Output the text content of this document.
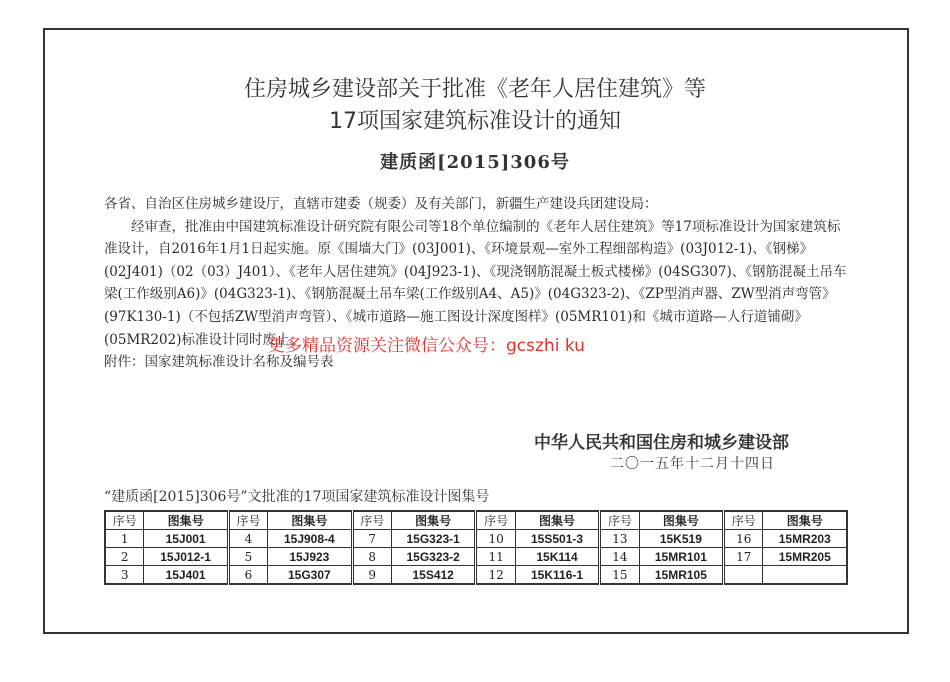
住房城乡建设部关于批准《老年人居住建筑》等
17项国家建筑标准设计的通知
建质函[2015]306号

各省、自治区住房城乡建设厅，直辖市建委（规委）及有关部门，新疆生产建设兵团建设局：

经审查，批准由中国建筑标准设计研究院有限公司等18个单位编制的《老年人居住建筑》等17项标准设计为国家建筑标准设计，自2016年1月1日起实施。原《围墙大门》(03J001)、《环境景观—室外工程细部构造》(03J012-1)、《钢梯》(02J401)（02（03）J401）、《老年人居住建筑》(04J923-1)、《现浇钢筋混凝土板式楼梯》(04SG307)、《钢筋混凝土吊车梁(工作级别A6)》(04G323-1)、《钢筋混凝土吊车梁(工作级别A4、A5)》(04G323-2)、《ZP型消声器、ZW型消声弯管》(97K130-1)（不包括ZW型消声弯管）、《城市道路—施工图设计深度图样》(05MR101)和《城市道路—人行道铺砌》(05MR202)标准设计同时废止。

附件：国家建筑标准设计名称及编号表

更多精品资源关注微信公众号：gcszhi ku
中华人民共和国住房和城乡建设部
二〇一五年十二月十四日
“建质函[2015]306号”文批准的17项国家建筑标准设计图集号
序号	图集号	序号	图集号	序号	图集号	序号	图集号	序号	图集号	序号	图集号
1	15J001	4	15J908-4	7	15G323-1	10	15S501-3	13	15K519	16	15MR203
2	15J012-1	5	15J923	8	15G323-2	11	15K114	14	15MR101	17	15MR205
3	15J401	6	15G307	9	15S412	12	15K116-1	15	15MR105		
